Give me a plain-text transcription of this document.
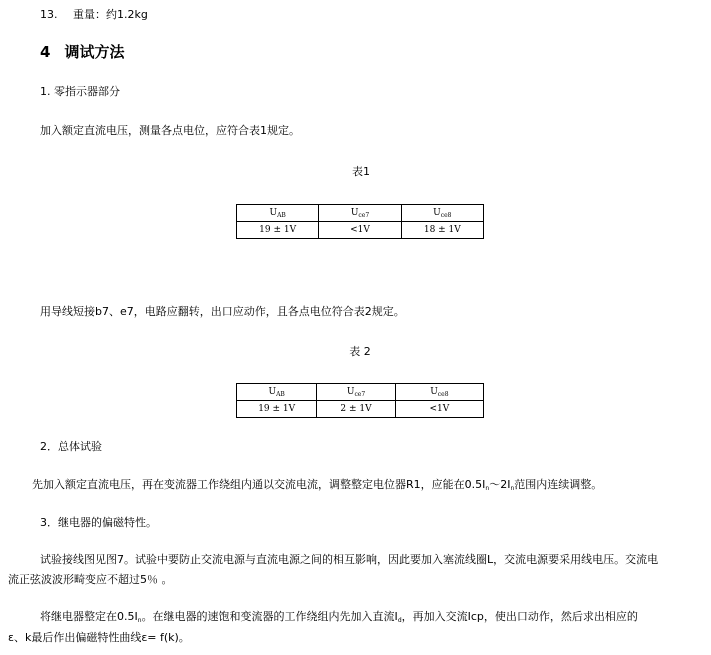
13. 重量：约1.2kg
4 调试方法
1. 零指示器部分
加入额定直流电压，测量各点电位，应符合表1规定。
表1
$U_{AB}$	$U_{ce7}$	$U_{ce8}$
19 ± 1V	<1V	18 ± 1V
用导线短接b7、e7，电路应翻转，出口应动作，且各点电位符合表2规定。
表 2
$U_{AB}$	$U_{ce7}$	$U_{ce8}$
19 ± 1V	2 ± 1V	<1V
2．总体试验
先加入额定直流电压，再在变流器工作绕组内通以交流电流，调整整定电位器R1，应能在$0.5I_n\sim 2I_n$范围内连续调整。
3．继电器的偏磁特性。
试验接线图见图7。试验中要防止交流电源与直流电源之间的相互影响，因此要加入塞流线圈L，交流电源要采用线电压。交流电
流正弦波波形畸变应不超过5％ 。
将继电器整定在$0.5I_n$。在继电器的速饱和变流器的工作绕组内先加入直流$I_d$，再加入交流Icp，使出口动作，然后求出相应的
ε、k最后作出偏磁特性曲线ε= f(k)。
